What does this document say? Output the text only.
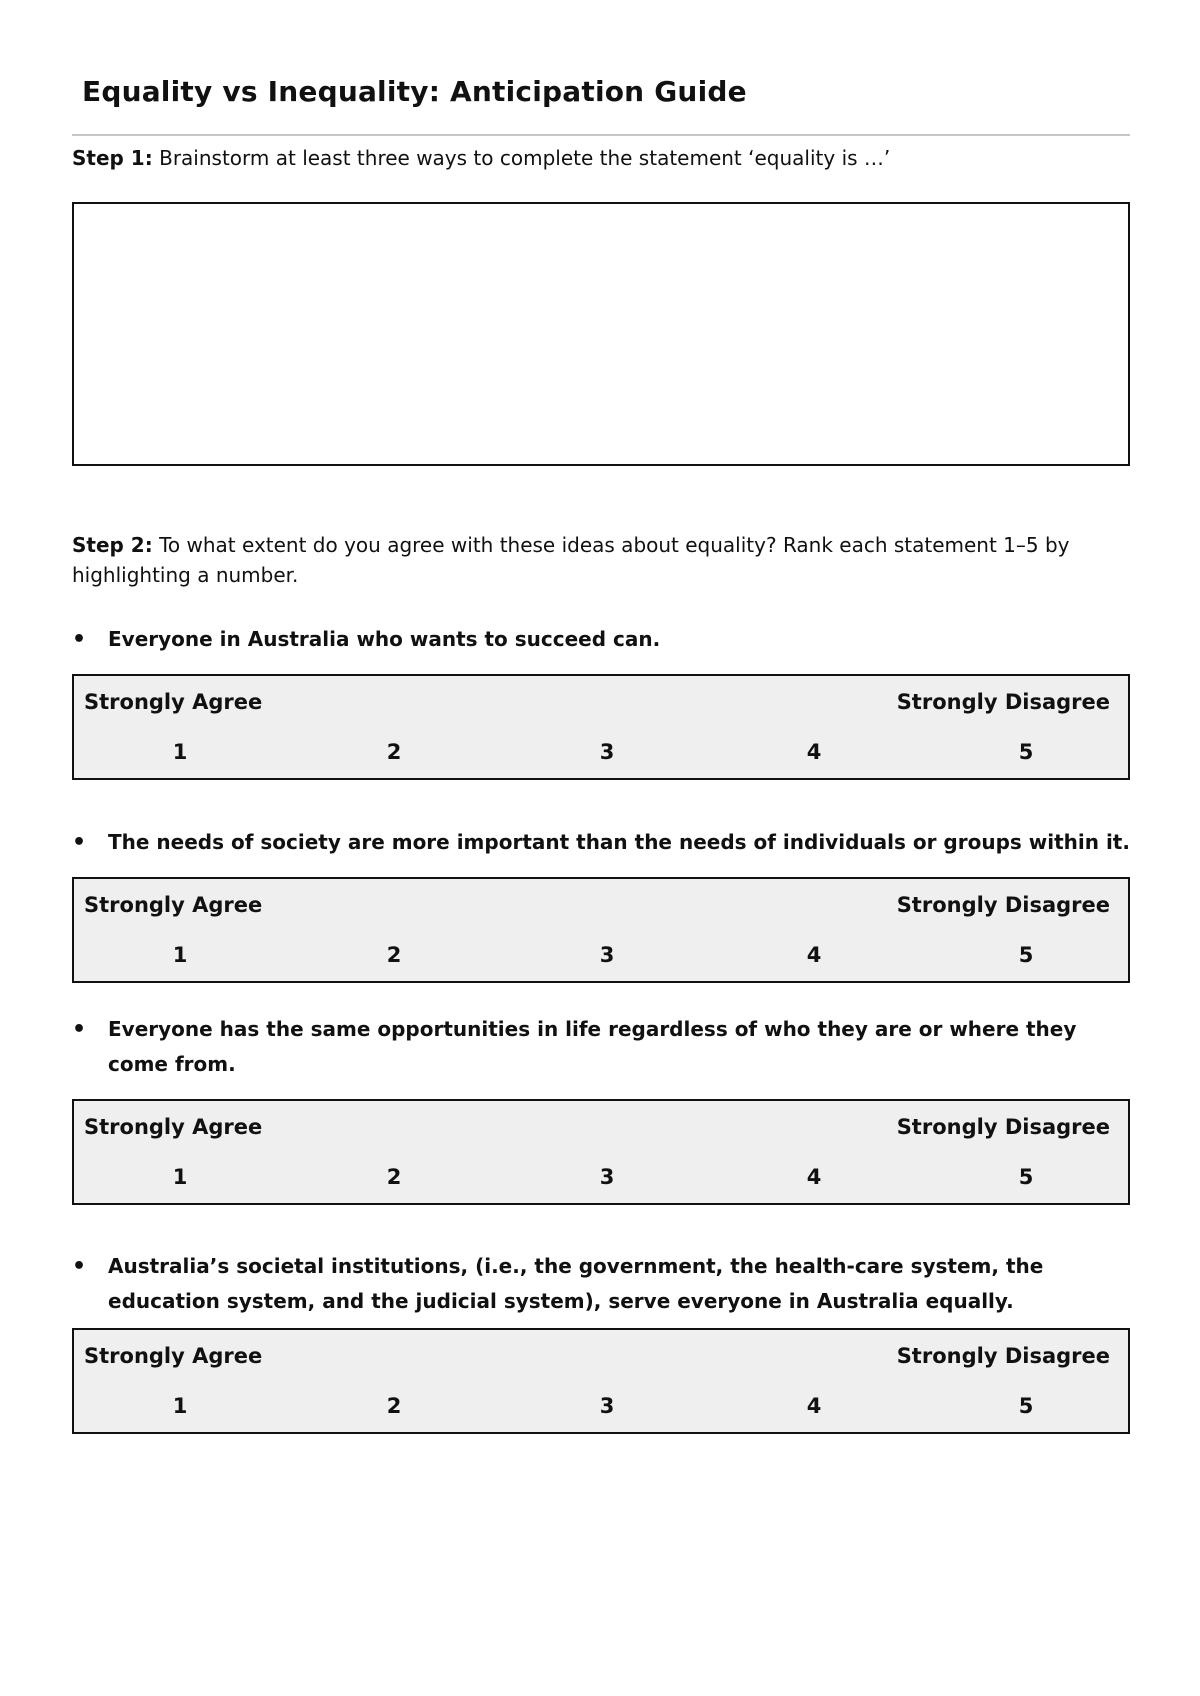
Equality vs Inequality: Anticipation Guide

Step 1: Brainstorm at least three ways to complete the statement ‘equality is …’

Step 2: To what extent do you agree with these ideas about equality? Rank each statement 1–5 by highlighting a number.

• Everyone in Australia who wants to succeed can.
Strongly Agree	Strongly Disagree
1	2	3	4	5
• The needs of society are more important than the needs of individuals or groups within it.
Strongly Agree	Strongly Disagree
1	2	3	4	5
• Everyone has the same opportunities in life regardless of who they are or where they come from.
Strongly Agree	Strongly Disagree
1	2	3	4	5
• Australia’s societal institutions, (i.e., the government, the health-care system, the education system, and the judicial system), serve everyone in Australia equally.
Strongly Agree	Strongly Disagree
1	2	3	4	5
